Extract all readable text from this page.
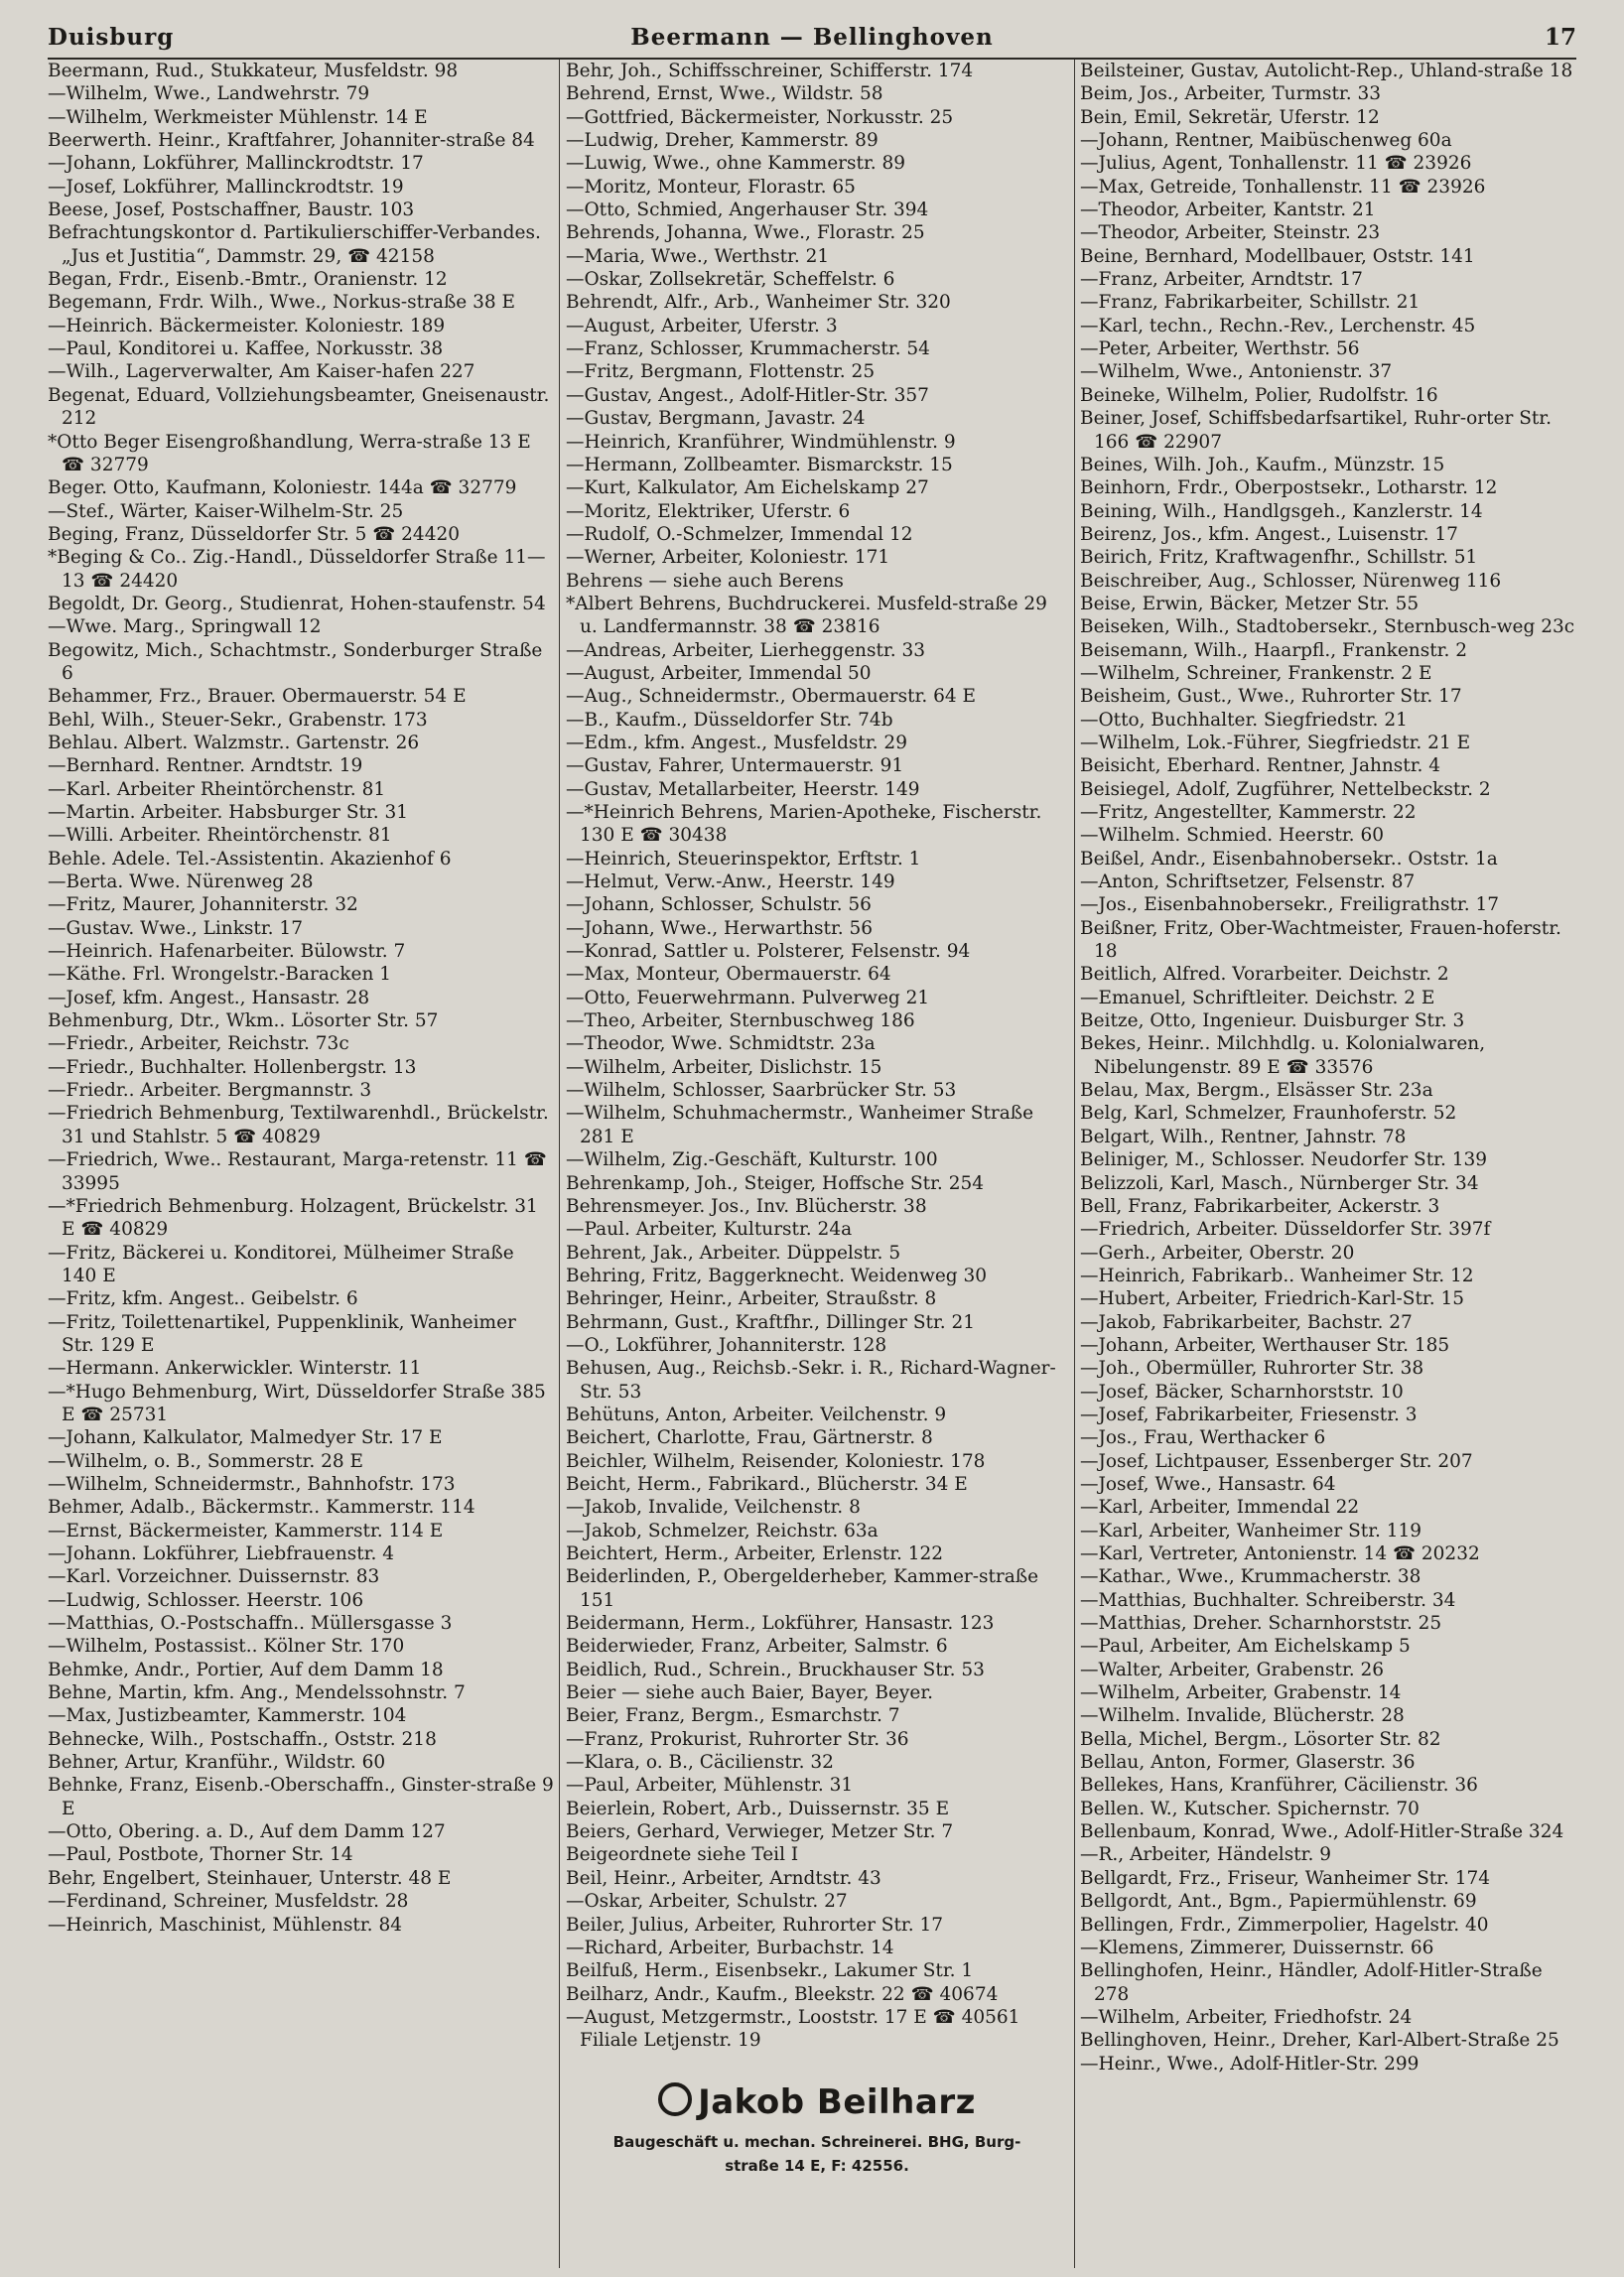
Duisburg	Beermann — Bellinghoven	17

Beermann, Rud., Stukkateur, Musfeldstr. 98

—Wilhelm, Wwe., Landwehrstr. 79

—Wilhelm, Werkmeister Mühlenstr. 14 E

Beerwerth. Heinr., Kraftfahrer, Johanniter-straße 84

—Johann, Lokführer, Mallinckrodtstr. 17

—Josef, Lokführer, Mallinckrodtstr. 19

Beese, Josef, Postschaffner, Baustr. 103

Befrachtungskontor d. Partikulierschiffer-Verbandes. „Jus et Justitia“, Dammstr. 29, ☎ 42158

Began, Frdr., Eisenb.-Bmtr., Oranienstr. 12

Begemann, Frdr. Wilh., Wwe., Norkus-straße 38 E

—Heinrich. Bäckermeister. Koloniestr. 189

—Paul, Konditorei u. Kaffee, Norkusstr. 38

—Wilh., Lagerverwalter, Am Kaiser-hafen 227

Begenat, Eduard, Vollziehungsbeamter, Gneisenaustr. 212

*Otto Beger Eisengroßhandlung, Werra-straße 13 E ☎ 32779

Beger. Otto, Kaufmann, Koloniestr. 144a ☎ 32779

—Stef., Wärter, Kaiser-Wilhelm-Str. 25

Beging, Franz, Düsseldorfer Str. 5 ☎ 24420

*Beging & Co.. Zig.-Handl., Düsseldorfer Straße 11—13 ☎ 24420

Begoldt, Dr. Georg., Studienrat, Hohen-staufenstr. 54

—Wwe. Marg., Springwall 12

Begowitz, Mich., Schachtmstr., Sonderburger Straße 6

Behammer, Frz., Brauer. Obermauerstr. 54 E

Behl, Wilh., Steuer-Sekr., Grabenstr. 173

Behlau. Albert. Walzmstr.. Gartenstr. 26

—Bernhard. Rentner. Arndtstr. 19

—Karl. Arbeiter Rheintörchenstr. 81

—Martin. Arbeiter. Habsburger Str. 31

—Willi. Arbeiter. Rheintörchenstr. 81

Behle. Adele. Tel.-Assistentin. Akazienhof 6

—Berta. Wwe. Nürenweg 28

—Fritz, Maurer, Johanniterstr. 32

—Gustav. Wwe., Linkstr. 17

—Heinrich. Hafenarbeiter. Bülowstr. 7

—Käthe. Frl. Wrongelstr.-Baracken 1

—Josef, kfm. Angest., Hansastr. 28

Behmenburg, Dtr., Wkm.. Lösorter Str. 57

—Friedr., Arbeiter, Reichstr. 73c

—Friedr., Buchhalter. Hollenbergstr. 13

—Friedr.. Arbeiter. Bergmannstr. 3

—Friedrich Behmenburg, Textilwarenhdl., Brückelstr. 31 und Stahlstr. 5 ☎ 40829

—Friedrich, Wwe.. Restaurant, Marga-retenstr. 11 ☎ 33995

—*Friedrich Behmenburg. Holzagent, Brückelstr. 31 E ☎ 40829

—Fritz, Bäckerei u. Konditorei, Mülheimer Straße 140 E

—Fritz, kfm. Angest.. Geibelstr. 6

—Fritz, Toilettenartikel, Puppenklinik, Wanheimer Str. 129 E

—Hermann. Ankerwickler. Winterstr. 11

—*Hugo Behmenburg, Wirt, Düsseldorfer Straße 385 E ☎ 25731

—Johann, Kalkulator, Malmedyer Str. 17 E

—Wilhelm, o. B., Sommerstr. 28 E

—Wilhelm, Schneidermstr., Bahnhofstr. 173

Behmer, Adalb., Bäckermstr.. Kammerstr. 114

—Ernst, Bäckermeister, Kammerstr. 114 E

—Johann. Lokführer, Liebfrauenstr. 4

—Karl. Vorzeichner. Duissernstr. 83

—Ludwig, Schlosser. Heerstr. 106

—Matthias, O.-Postschaffn.. Müllersgasse 3

—Wilhelm, Postassist.. Kölner Str. 170

Behmke, Andr., Portier, Auf dem Damm 18

Behne, Martin, kfm. Ang., Mendelssohnstr. 7

—Max, Justizbeamter, Kammerstr. 104

Behnecke, Wilh., Postschaffn., Oststr. 218

Behner, Artur, Kranführ., Wildstr. 60

Behnke, Franz, Eisenb.-Oberschaffn., Ginster-straße 9 E

—Otto, Obering. a. D., Auf dem Damm 127

—Paul, Postbote, Thorner Str. 14

Behr, Engelbert, Steinhauer, Unterstr. 48 E

—Ferdinand, Schreiner, Musfeldstr. 28

—Heinrich, Maschinist, Mühlenstr. 84

Behr, Joh., Schiffsschreiner, Schifferstr. 174

Behrend, Ernst, Wwe., Wildstr. 58

—Gottfried, Bäckermeister, Norkusstr. 25

—Ludwig, Dreher, Kammerstr. 89

—Luwig, Wwe., ohne Kammerstr. 89

—Moritz, Monteur, Florastr. 65

—Otto, Schmied, Angerhauser Str. 394

Behrends, Johanna, Wwe., Florastr. 25

—Maria, Wwe., Werthstr. 21

—Oskar, Zollsekretär, Scheffelstr. 6

Behrendt, Alfr., Arb., Wanheimer Str. 320

—August, Arbeiter, Uferstr. 3

—Franz, Schlosser, Krummacherstr. 54

—Fritz, Bergmann, Flottenstr. 25

—Gustav, Angest., Adolf-Hitler-Str. 357

—Gustav, Bergmann, Javastr. 24

—Heinrich, Kranführer, Windmühlenstr. 9

—Hermann, Zollbeamter. Bismarckstr. 15

—Kurt, Kalkulator, Am Eichelskamp 27

—Moritz, Elektriker, Uferstr. 6

—Rudolf, O.-Schmelzer, Immendal 12

—Werner, Arbeiter, Koloniestr. 171

Behrens — siehe auch Berens

*Albert Behrens, Buchdruckerei. Musfeld-straße 29 u. Landfermannstr. 38 ☎ 23816

—Andreas, Arbeiter, Lierheggenstr. 33

—August, Arbeiter, Immendal 50

—Aug., Schneidermstr., Obermauerstr. 64 E

—B., Kaufm., Düsseldorfer Str. 74b

—Edm., kfm. Angest., Musfeldstr. 29

—Gustav, Fahrer, Untermauerstr. 91

—Gustav, Metallarbeiter, Heerstr. 149

—*Heinrich Behrens, Marien-Apotheke, Fischerstr. 130 E ☎ 30438

—Heinrich, Steuerinspektor, Erftstr. 1

—Helmut, Verw.-Anw., Heerstr. 149

—Johann, Schlosser, Schulstr. 56

—Johann, Wwe., Herwarthstr. 56

—Konrad, Sattler u. Polsterer, Felsenstr. 94

—Max, Monteur, Obermauerstr. 64

—Otto, Feuerwehrmann. Pulverweg 21

—Theo, Arbeiter, Sternbuschweg 186

—Theodor, Wwe. Schmidtstr. 23a

—Wilhelm, Arbeiter, Dislichstr. 15

—Wilhelm, Schlosser, Saarbrücker Str. 53

—Wilhelm, Schuhmachermstr., Wanheimer Straße 281 E

—Wilhelm, Zig.-Geschäft, Kulturstr. 100

Behrenkamp, Joh., Steiger, Hoffsche Str. 254

Behrensmeyer. Jos., Inv. Blücherstr. 38

—Paul. Arbeiter, Kulturstr. 24a

Behrent, Jak., Arbeiter. Düppelstr. 5

Behring, Fritz, Baggerknecht. Weidenweg 30

Behringer, Heinr., Arbeiter, Straußstr. 8

Behrmann, Gust., Kraftfhr., Dillinger Str. 21

—O., Lokführer, Johanniterstr. 128

Behusen, Aug., Reichsb.-Sekr. i. R., Richard-Wagner-Str. 53

Behütuns, Anton, Arbeiter. Veilchenstr. 9

Beichert, Charlotte, Frau, Gärtnerstr. 8

Beichler, Wilhelm, Reisender, Koloniestr. 178

Beicht, Herm., Fabrikard., Blücherstr. 34 E

—Jakob, Invalide, Veilchenstr. 8

—Jakob, Schmelzer, Reichstr. 63a

Beichtert, Herm., Arbeiter, Erlenstr. 122

Beiderlinden, P., Obergelderheber, Kammer-straße 151

Beidermann, Herm., Lokführer, Hansastr. 123

Beiderwieder, Franz, Arbeiter, Salmstr. 6

Beidlich, Rud., Schrein., Bruckhauser Str. 53

Beier — siehe auch Baier, Bayer, Beyer.

Beier, Franz, Bergm., Esmarchstr. 7

—Franz, Prokurist, Ruhrorter Str. 36

—Klara, o. B., Cäcilienstr. 32

—Paul, Arbeiter, Mühlenstr. 31

Beierlein, Robert, Arb., Duissernstr. 35 E

Beiers, Gerhard, Verwieger, Metzer Str. 7

Beigeordnete siehe Teil I

Beil, Heinr., Arbeiter, Arndtstr. 43

—Oskar, Arbeiter, Schulstr. 27

Beiler, Julius, Arbeiter, Ruhrorter Str. 17

—Richard, Arbeiter, Burbachstr. 14

Beilfuß, Herm., Eisenbsekr., Lakumer Str. 1

Beilharz, Andr., Kaufm., Bleekstr. 22 ☎ 40674

—August, Metzgermstr., Looststr. 17 E ☎ 40561 Filiale Letjenstr. 19

Jakob Beilharz
Baugeschäft u. mechan. Schreinerei. BHG, Burg-
straße 14 E, F: 42556.

Beilsteiner, Gustav, Autolicht-Rep., Uhland-straße 18

Beim, Jos., Arbeiter, Turmstr. 33

Bein, Emil, Sekretär, Uferstr. 12

—Johann, Rentner, Maibüschenweg 60a

—Julius, Agent, Tonhallenstr. 11 ☎ 23926

—Max, Getreide, Tonhallenstr. 11 ☎ 23926

—Theodor, Arbeiter, Kantstr. 21

—Theodor, Arbeiter, Steinstr. 23

Beine, Bernhard, Modellbauer, Oststr. 141

—Franz, Arbeiter, Arndtstr. 17

—Franz, Fabrikarbeiter, Schillstr. 21

—Karl, techn., Rechn.-Rev., Lerchenstr. 45

—Peter, Arbeiter, Werthstr. 56

—Wilhelm, Wwe., Antonienstr. 37

Beineke, Wilhelm, Polier, Rudolfstr. 16

Beiner, Josef, Schiffsbedarfsartikel, Ruhr-orter Str. 166 ☎ 22907

Beines, Wilh. Joh., Kaufm., Münzstr. 15

Beinhorn, Frdr., Oberpostsekr., Lotharstr. 12

Beining, Wilh., Handlgsgeh., Kanzlerstr. 14

Beirenz, Jos., kfm. Angest., Luisenstr. 17

Beirich, Fritz, Kraftwagenfhr., Schillstr. 51

Beischreiber, Aug., Schlosser, Nürenweg 116

Beise, Erwin, Bäcker, Metzer Str. 55

Beiseken, Wilh., Stadtobersekr., Sternbusch-weg 23c

Beisemann, Wilh., Haarpfl., Frankenstr. 2

—Wilhelm, Schreiner, Frankenstr. 2 E

Beisheim, Gust., Wwe., Ruhrorter Str. 17

—Otto, Buchhalter. Siegfriedstr. 21

—Wilhelm, Lok.-Führer, Siegfriedstr. 21 E

Beisicht, Eberhard. Rentner, Jahnstr. 4

Beisiegel, Adolf, Zugführer, Nettelbeckstr. 2

—Fritz, Angestellter, Kammerstr. 22

—Wilhelm. Schmied. Heerstr. 60

Beißel, Andr., Eisenbahnobersekr.. Oststr. 1a

—Anton, Schriftsetzer, Felsenstr. 87

—Jos., Eisenbahnobersekr., Freiligrathstr. 17

Beißner, Fritz, Ober-Wachtmeister, Frauen-hoferstr. 18

Beitlich, Alfred. Vorarbeiter. Deichstr. 2

—Emanuel, Schriftleiter. Deichstr. 2 E

Beitze, Otto, Ingenieur. Duisburger Str. 3

Bekes, Heinr.. Milchhdlg. u. Kolonialwaren, Nibelungenstr. 89 E ☎ 33576

Belau, Max, Bergm., Elsässer Str. 23a

Belg, Karl, Schmelzer, Fraunhoferstr. 52

Belgart, Wilh., Rentner, Jahnstr. 78

Beliniger, M., Schlosser. Neudorfer Str. 139

Belizzoli, Karl, Masch., Nürnberger Str. 34

Bell, Franz, Fabrikarbeiter, Ackerstr. 3

—Friedrich, Arbeiter. Düsseldorfer Str. 397f

—Gerh., Arbeiter, Oberstr. 20

—Heinrich, Fabrikarb.. Wanheimer Str. 12

—Hubert, Arbeiter, Friedrich-Karl-Str. 15

—Jakob, Fabrikarbeiter, Bachstr. 27

—Johann, Arbeiter, Werthauser Str. 185

—Joh., Obermüller, Ruhrorter Str. 38

—Josef, Bäcker, Scharnhorststr. 10

—Josef, Fabrikarbeiter, Friesenstr. 3

—Jos., Frau, Werthacker 6

—Josef, Lichtpauser, Essenberger Str. 207

—Josef, Wwe., Hansastr. 64

—Karl, Arbeiter, Immendal 22

—Karl, Arbeiter, Wanheimer Str. 119

—Karl, Vertreter, Antonienstr. 14 ☎ 20232

—Kathar., Wwe., Krummacherstr. 38

—Matthias, Buchhalter. Schreiberstr. 34

—Matthias, Dreher. Scharnhorststr. 25

—Paul, Arbeiter, Am Eichelskamp 5

—Walter, Arbeiter, Grabenstr. 26

—Wilhelm, Arbeiter, Grabenstr. 14

—Wilhelm. Invalide, Blücherstr. 28

Bella, Michel, Bergm., Lösorter Str. 82

Bellau, Anton, Former, Glaserstr. 36

Bellekes, Hans, Kranführer, Cäcilienstr. 36

Bellen. W., Kutscher. Spichernstr. 70

Bellenbaum, Konrad, Wwe., Adolf-Hitler-Straße 324

—R., Arbeiter, Händelstr. 9

Bellgardt, Frz., Friseur, Wanheimer Str. 174

Bellgordt, Ant., Bgm., Papiermühlenstr. 69

Bellingen, Frdr., Zimmerpolier, Hagelstr. 40

—Klemens, Zimmerer, Duissernstr. 66

Bellinghofen, Heinr., Händler, Adolf-Hitler-Straße 278

—Wilhelm, Arbeiter, Friedhofstr. 24

Bellinghoven, Heinr., Dreher, Karl-Albert-Straße 25

—Heinr., Wwe., Adolf-Hitler-Str. 299
